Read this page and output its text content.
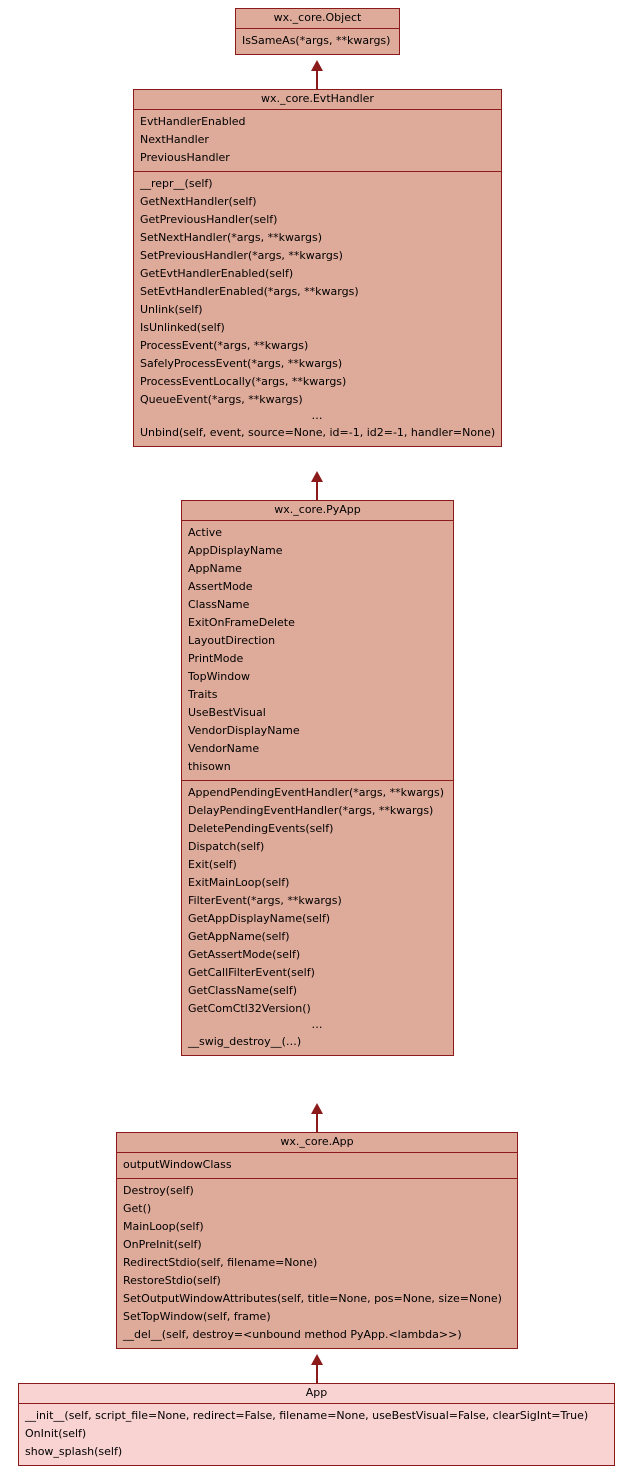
wx._core.Object
IsSameAs(*args, **kwargs)
wx._core.EvtHandler
EvtHandlerEnabled
NextHandler
PreviousHandler
__repr__(self)
GetNextHandler(self)
GetPreviousHandler(self)
SetNextHandler(*args, **kwargs)
SetPreviousHandler(*args, **kwargs)
GetEvtHandlerEnabled(self)
SetEvtHandlerEnabled(*args, **kwargs)
Unlink(self)
IsUnlinked(self)
ProcessEvent(*args, **kwargs)
SafelyProcessEvent(*args, **kwargs)
ProcessEventLocally(*args, **kwargs)
QueueEvent(*args, **kwargs)
…
Unbind(self, event, source=None, id=-1, id2=-1, handler=None)
wx._core.PyApp
Active
AppDisplayName
AppName
AssertMode
ClassName
ExitOnFrameDelete
LayoutDirection
PrintMode
TopWindow
Traits
UseBestVisual
VendorDisplayName
VendorName
thisown
AppendPendingEventHandler(*args, **kwargs)
DelayPendingEventHandler(*args, **kwargs)
DeletePendingEvents(self)
Dispatch(self)
Exit(self)
ExitMainLoop(self)
FilterEvent(*args, **kwargs)
GetAppDisplayName(self)
GetAppName(self)
GetAssertMode(self)
GetCallFilterEvent(self)
GetClassName(self)
GetComCtl32Version()
…
__swig_destroy__(…)
wx._core.App
outputWindowClass
Destroy(self)
Get()
MainLoop(self)
OnPreInit(self)
RedirectStdio(self, filename=None)
RestoreStdio(self)
SetOutputWindowAttributes(self, title=None, pos=None, size=None)
SetTopWindow(self, frame)
__del__(self, destroy=<unbound method PyApp.<lambda>>)
App
__init__(self, script_file=None, redirect=False, filename=None, useBestVisual=False, clearSigInt=True)
OnInit(self)
show_splash(self)
